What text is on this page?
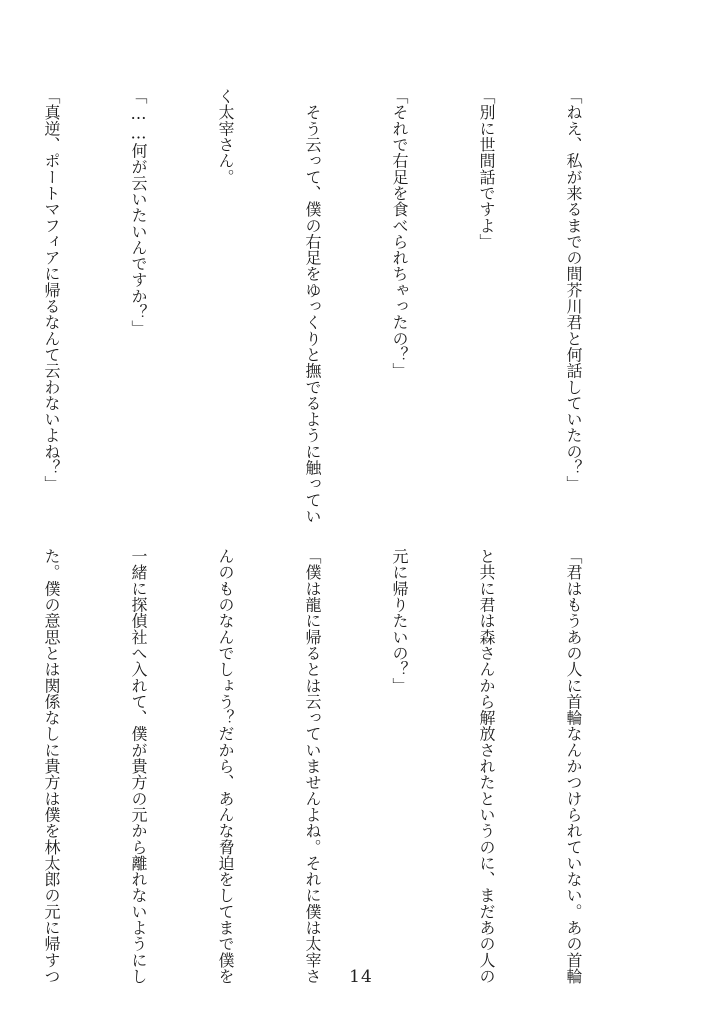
「ねえ、私が来るまでの間芥川君と何話していたの？」

「別に世間話ですよ」

「それで右足を食べられちゃったの？」

　そう云って、僕の右足をゆっくりと撫でるように触ってい

く太宰さん。

「……何が云いたいんですか？」

「真逆、ポートマフィアに帰るなんて云わないよね？」

「君はもうあの人に首輪なんかつけられていない。あの首輪

と共に君は森さんから解放されたというのに、まだあの人の

元に帰りたいの？」

「僕は龍に帰るとは云っていませんよね。それに僕は太宰さ

んのものなんでしょう？だから、あんな脅迫をしてまで僕を

一緒に探偵社へ入れて、僕が貴方の元から離れないようにし

た。僕の意思とは関係なしに貴方は僕を林太郎の元に帰すつ

	14
